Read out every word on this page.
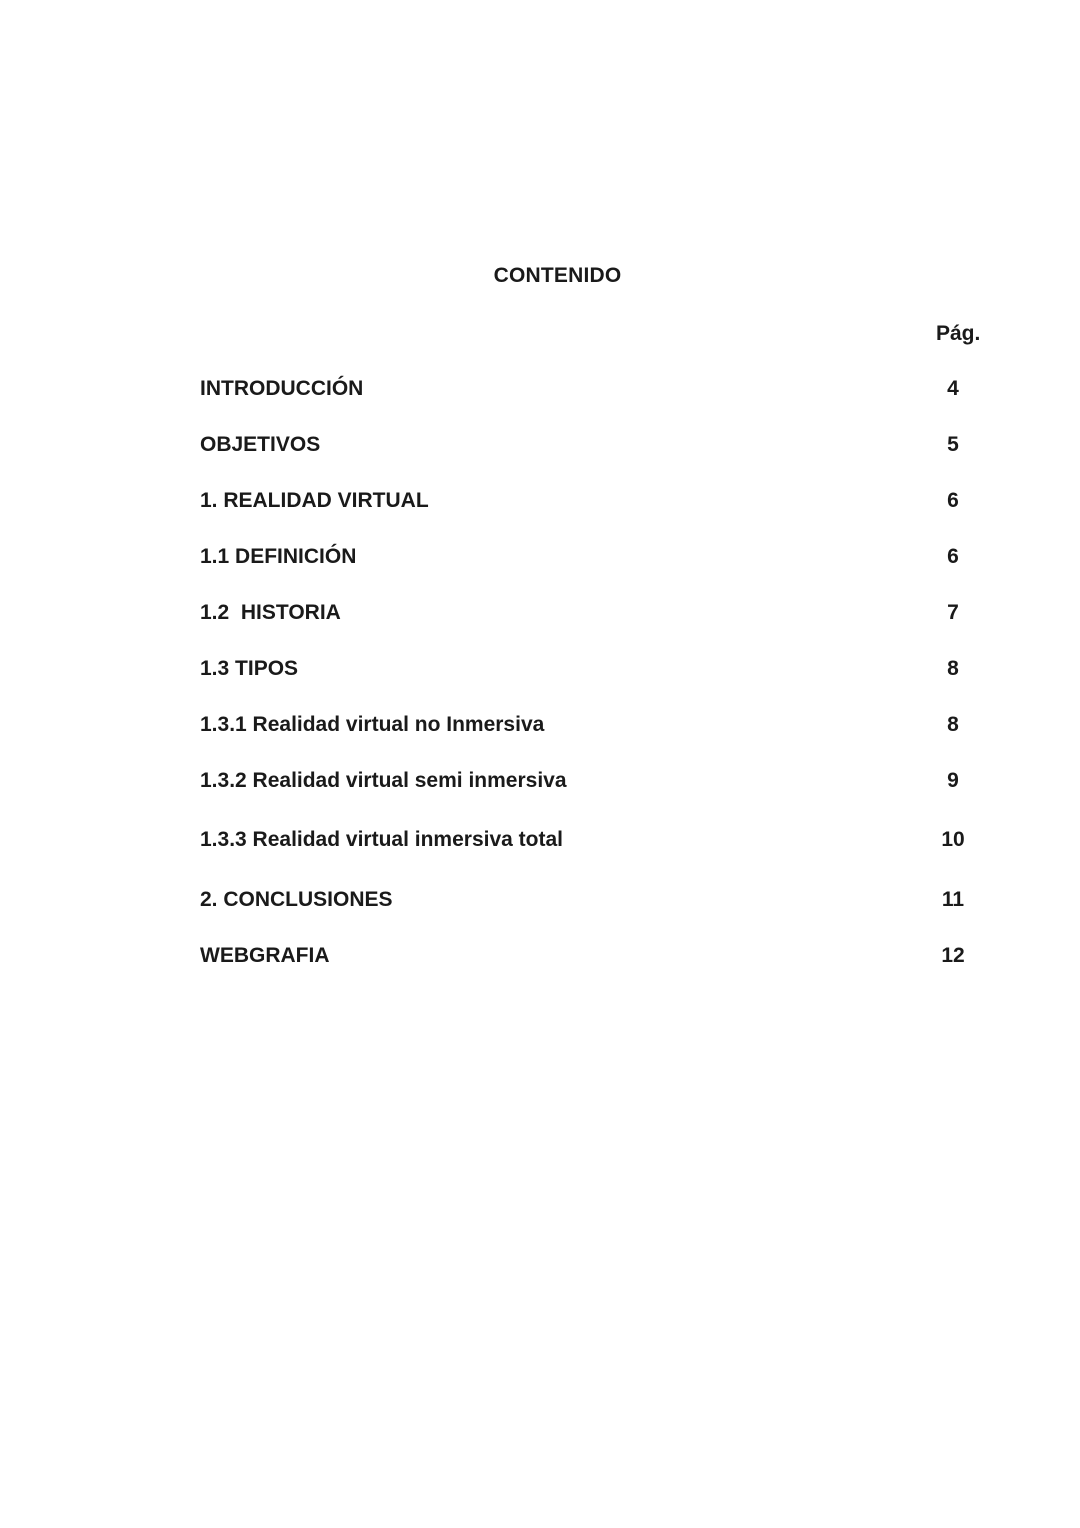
CONTENIDO
Pág.
INTRODUCCIÓN	4
OBJETIVOS	5
1. REALIDAD VIRTUAL	6
1.1 DEFINICIÓN	6
1.2  HISTORIA	7
1.3 TIPOS	8
1.3.1 Realidad virtual no Inmersiva	8
1.3.2 Realidad virtual semi inmersiva	9
1.3.3 Realidad virtual inmersiva total	10
2. CONCLUSIONES	11
WEBGRAFIA	12
